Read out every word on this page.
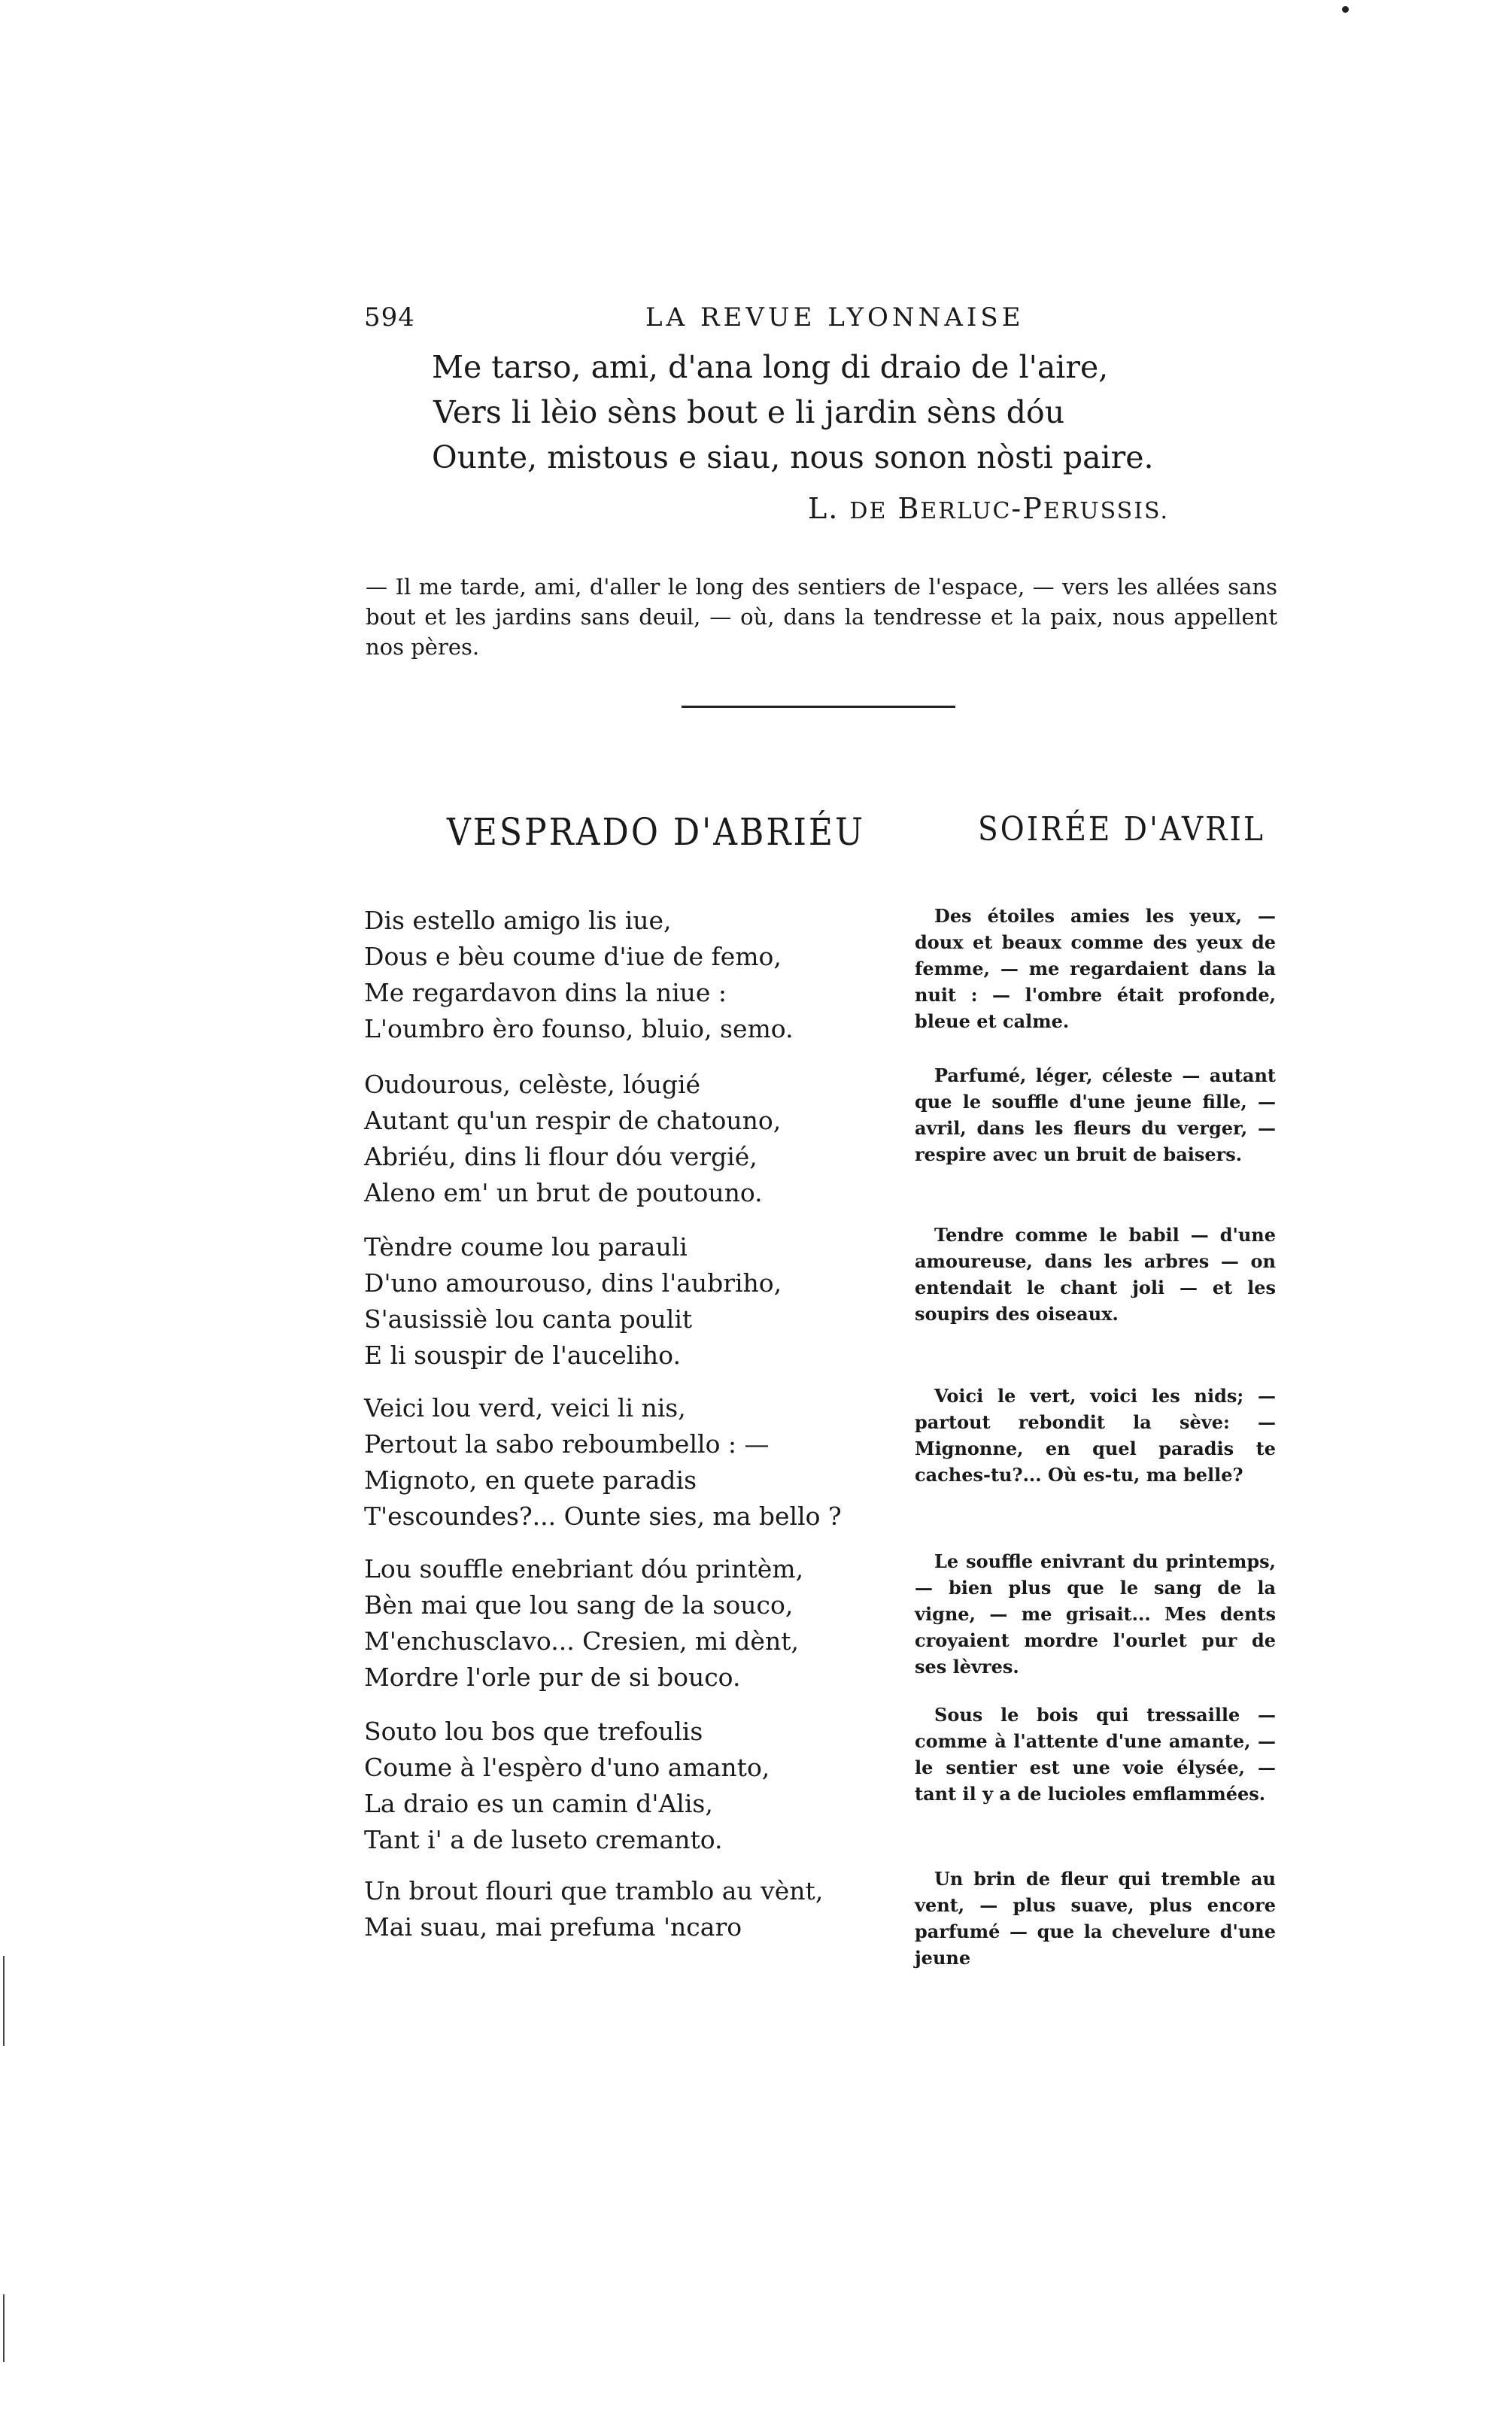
594	LA REVUE LYONNAISE
Me tarso, ami, d'ana long di draio de l'aire,
Vers li lèio sèns bout e li jardin sèns dóu
Ounte, mistous e siau, nous sonon nòsti paire.
L. DE BERLUC-PERUSSIS.
— Il me tarde, ami, d'aller le long des sentiers de l'espace, — vers les allées sans bout et les jardins sans deuil, — où, dans la tendresse et la paix, nous appellent nos pères.
VESPRADO D'ABRIÉU	SOIRÉE D'AVRIL
Dis estello amigo lis iue,
Dous e bèu coume d'iue de femo,
Me regardavon dins la niue :
L'oumbro èro founso, bluio, semo.
Oudourous, celèste, lóugié
Autant qu'un respir de chatouno,
Abriéu, dins li flour dóu vergié,
Aleno em' un brut de poutouno.
Tèndre coume lou parauli
D'uno amourouso, dins l'aubriho,
S'ausissiè lou canta poulit
E li souspir de l'auceliho.
Veici lou verd, veici li nis,
Pertout la sabo reboumbello : —
Mignoto, en quete paradis
T'escoundes?... Ounte sies, ma bello ?
Lou souffle enebriant dóu printèm,
Bèn mai que lou sang de la souco,
M'enchusclavo... Cresien, mi dènt,
Mordre l'orle pur de si bouco.
Souto lou bos que trefoulis
Coume à l'espèro d'uno amanto,
La draio es un camin d'Alis,
Tant i' a de luseto cremanto.
Un brout flouri que tramblo au vènt,
Mai suau, mai prefuma 'ncaro

Des étoiles amies les yeux, — doux et beaux comme des yeux de femme, — me regardaient dans la nuit : — l'ombre était profonde, bleue et calme.

Parfumé, léger, céleste — autant que le souffle d'une jeune fille, — avril, dans les fleurs du verger, — respire avec un bruit de baisers.

Tendre comme le babil — d'une amoureuse, dans les arbres — on entendait le chant joli — et les soupirs des oiseaux.

Voici le vert, voici les nids; — partout rebondit la sève: — Mignonne, en quel paradis te caches-tu?... Où es-tu, ma belle?

Le souffle enivrant du printemps, — bien plus que le sang de la vigne, — me grisait... Mes dents croyaient mordre l'ourlet pur de ses lèvres.

Sous le bois qui tressaille — comme à l'attente d'une amante, — le sentier est une voie élysée, — tant il y a de lucioles emflammées.

Un brin de fleur qui tremble au vent, — plus suave, plus encore parfumé — que la chevelure d'une jeune
